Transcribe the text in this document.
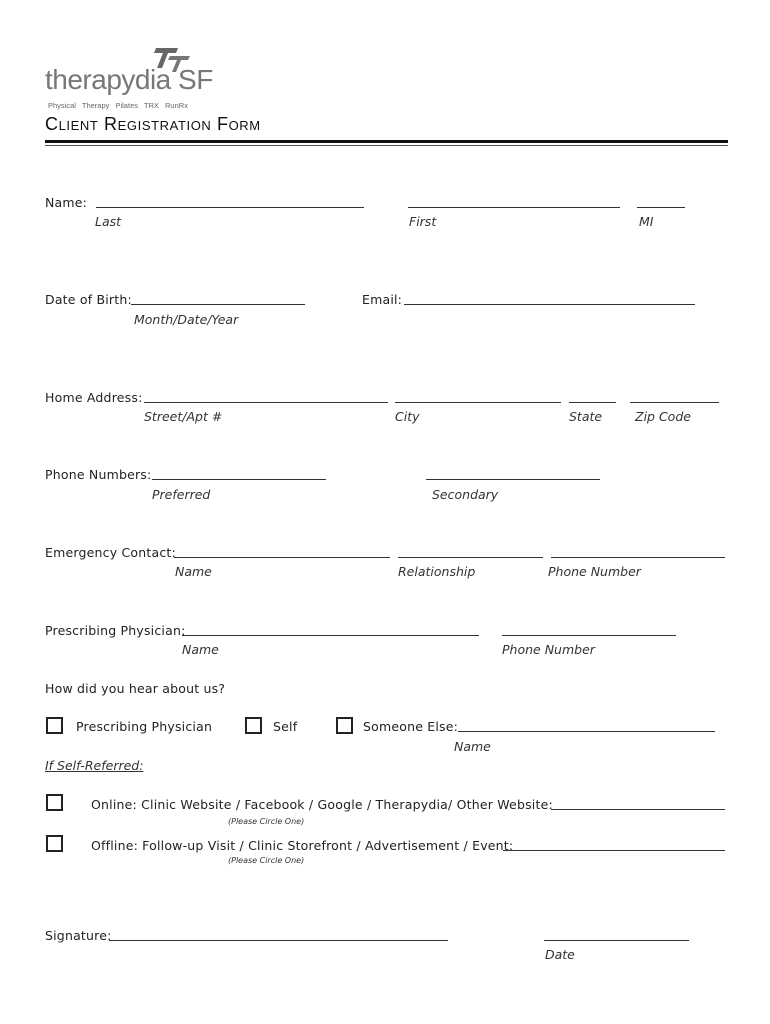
therapydia SF
Physical Therapy Pilates TRX RunRx
Client Registration Form
Name:
Last	First	MI
Date of Birth:
Month/Date/Year
Email:
Home Address:
Street/Apt #	City	State	Zip Code
Phone Numbers:
Preferred	Secondary
Emergency Contact:
Name	Relationship	Phone Number
Prescribing Physician:
Name	Phone Number
How did you hear about us?
Prescribing Physician	Self	Someone Else:
Name
If Self-Referred:
Online: Clinic Website / Facebook / Google / Therapydia/ Other Website:
(Please Circle One)
Offline: Follow-up Visit / Clinic Storefront / Advertisement / Event:
(Please Circle One)
Signature:
Date
